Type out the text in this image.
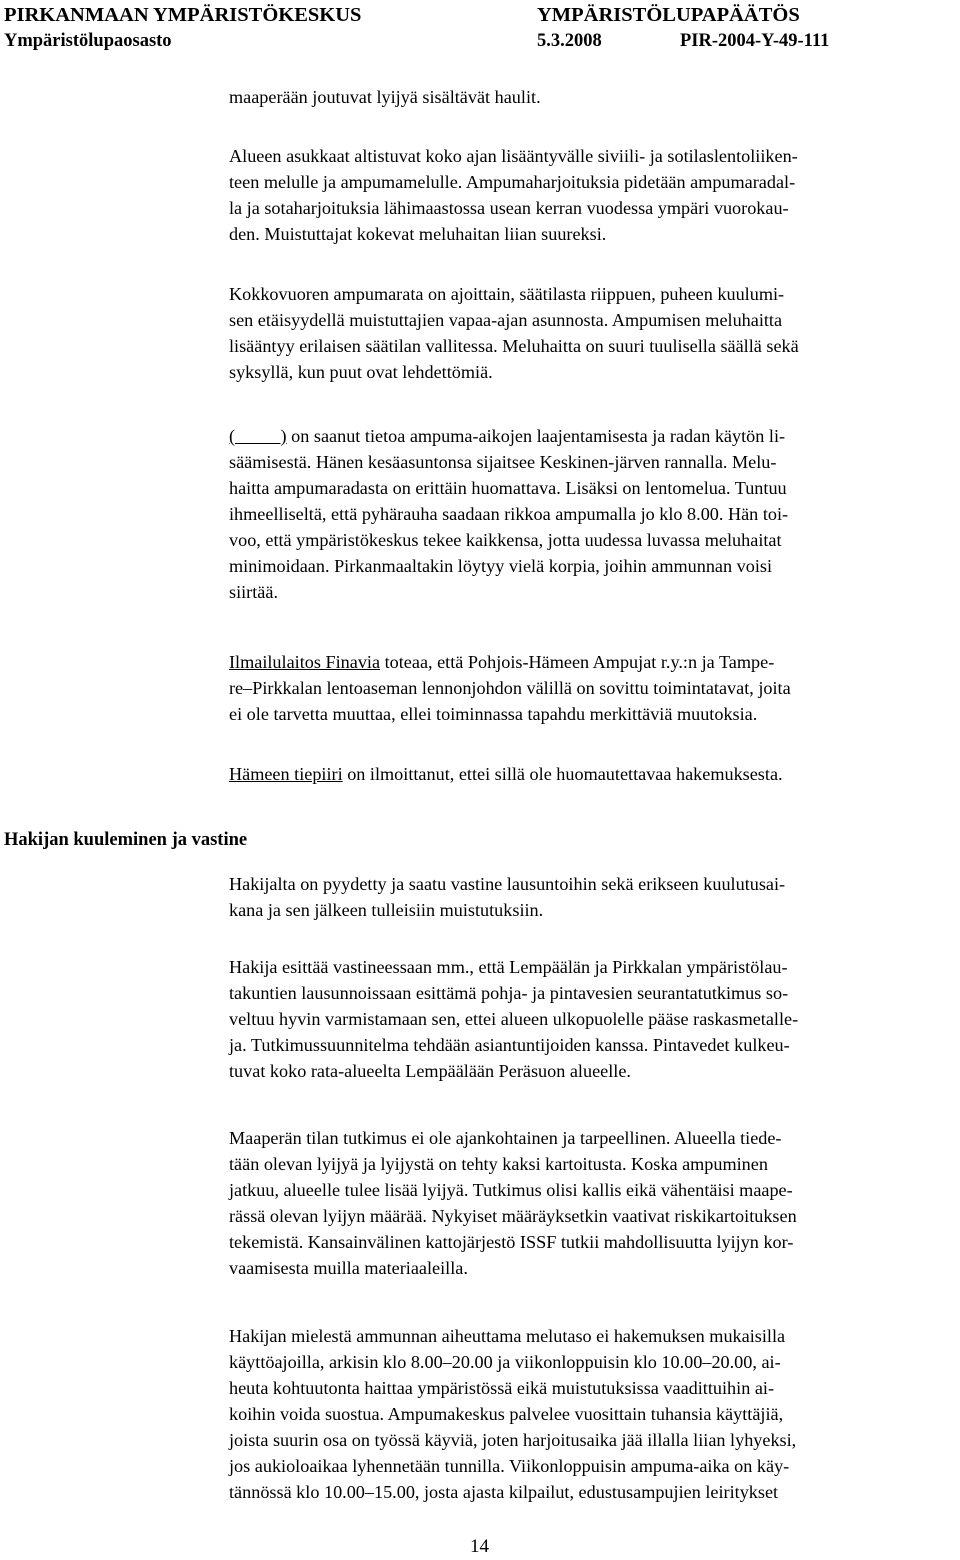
PIRKANMAAN YMPÄRISTÖKESKUS	YMPÄRISTÖLUPAPÄÄTÖS
Ympäristölupaosasto	5.3.2008	PIR-2004-Y-49-111

maaperään joutuvat lyijyä sisältävät haulit.

Alueen asukkaat altistuvat koko ajan lisääntyvälle siviili- ja sotilaslentoliiken-
teen melulle ja ampumamelulle. Ampumaharjoituksia pidetään ampumaradal-
la ja sotaharjoituksia lähimaastossa usean kerran vuodessa ympäri vuorokau-
den. Muistuttajat kokevat meluhaitan liian suureksi.

Kokkovuoren ampumarata on ajoittain, säätilasta riippuen, puheen kuulumi-
sen etäisyydellä muistuttajien vapaa-ajan asunnosta. Ampumisen meluhaitta
lisääntyy erilaisen säätilan vallitessa. Meluhaitta on suuri tuulisella säällä sekä
syksyllä, kun puut ovat lehdettömiä.

(          ) on saanut tietoa ampuma-aikojen laajentamisesta ja radan käytön li-
säämisestä. Hänen kesäasuntonsa sijaitsee Keskinen-järven rannalla. Melu-
haitta ampumaradasta on erittäin huomattava. Lisäksi on lentomelua. Tuntuu
ihmeelliseltä, että pyhärauha saadaan rikkoa ampumalla jo klo 8.00. Hän toi-
voo, että ympäristökeskus tekee kaikkensa, jotta uudessa luvassa meluhaitat
minimoidaan. Pirkanmaaltakin löytyy vielä korpia, joihin ammunnan voisi
siirtää.

Ilmailulaitos Finavia toteaa, että Pohjois-Hämeen Ampujat r.y.:n ja Tampe-
re–Pirkkalan lentoaseman lennonjohdon välillä on sovittu toimintatavat, joita
ei ole tarvetta muuttaa, ellei toiminnassa tapahdu merkittäviä muutoksia.

Hämeen tiepiiri on ilmoittanut, ettei sillä ole huomautettavaa hakemuksesta.

Hakijan kuuleminen ja vastine

Hakijalta on pyydetty ja saatu vastine lausuntoihin sekä erikseen kuulutusai-
kana ja sen jälkeen tulleisiin muistutuksiin.

Hakija esittää vastineessaan mm., että Lempäälän ja Pirkkalan ympäristölau-
takuntien lausunnoissaan esittämä pohja- ja pintavesien seurantatutkimus so-
veltuu hyvin varmistamaan sen, ettei alueen ulkopuolelle pääse raskasmetalle-
ja. Tutkimussuunnitelma tehdään asiantuntijoiden kanssa. Pintavedet kulkeu-
tuvat koko rata-alueelta Lempäälään Peräsuon alueelle.

Maaperän tilan tutkimus ei ole ajankohtainen ja tarpeellinen. Alueella tiede-
tään olevan lyijyä ja lyijystä on tehty kaksi kartoitusta. Koska ampuminen
jatkuu, alueelle tulee lisää lyijyä. Tutkimus olisi kallis eikä vähentäisi maape-
rässä olevan lyijyn määrää. Nykyiset määräyksetkin vaativat riskikartoituksen
tekemistä. Kansainvälinen kattojärjestö ISSF tutkii mahdollisuutta lyijyn kor-
vaamisesta muilla materiaaleilla.

Hakijan mielestä ammunnan aiheuttama melutaso ei hakemuksen mukaisilla
käyttöajoilla, arkisin klo 8.00–20.00 ja viikonloppuisin klo 10.00–20.00, ai-
heuta kohtuutonta haittaa ympäristössä eikä muistutuksissa vaadittuihin ai-
koihin voida suostua. Ampumakeskus palvelee vuosittain tuhansia käyttäjiä,
joista suurin osa on työssä käyviä, joten harjoitusaika jää illalla liian lyhyeksi,
jos aukioloaikaa lyhennetään tunnilla. Viikonloppuisin ampuma-aika on käy-
tännössä klo 10.00–15.00, josta ajasta kilpailut, edustusampujien leiritykset

14
